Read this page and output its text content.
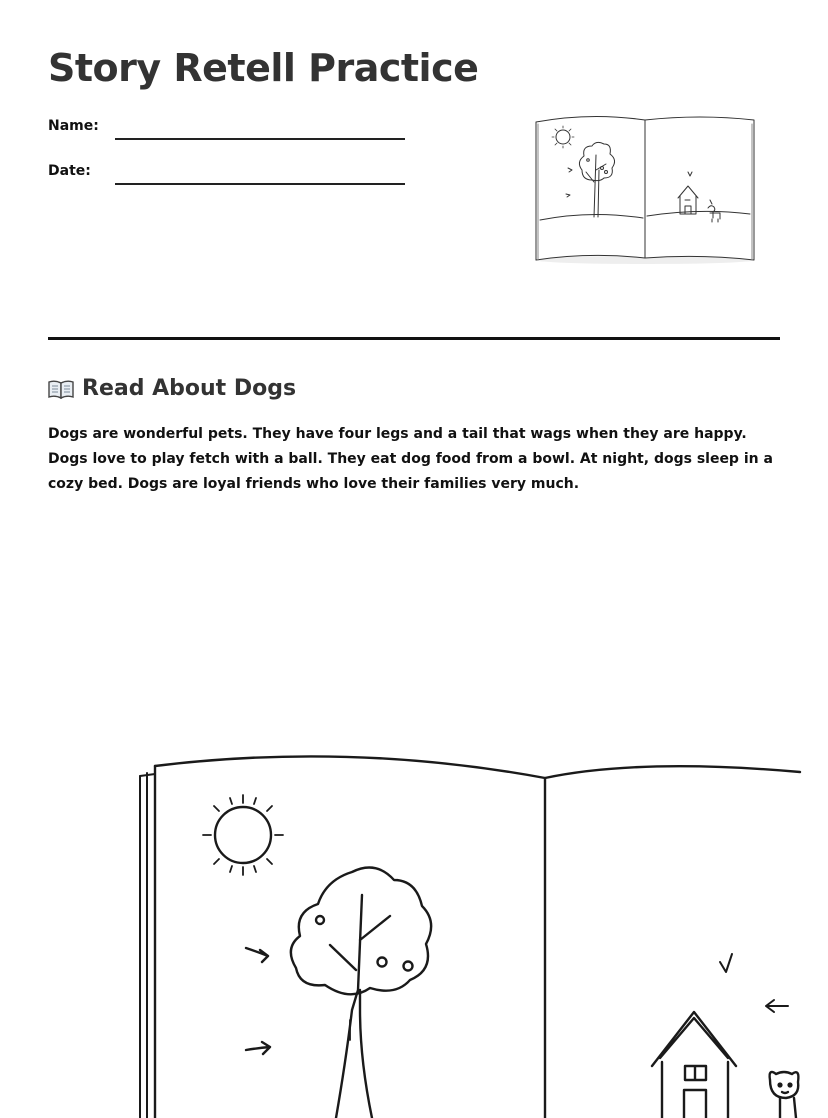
Story Retell Practice
Name:
Date:
Read About Dogs

Dogs are wonderful pets. They have four legs and a tail that wags when they are happy. Dogs love to play fetch with a ball. They eat dog food from a bowl. At night, dogs sleep in a cozy bed. Dogs are loyal friends who love their families very much.
